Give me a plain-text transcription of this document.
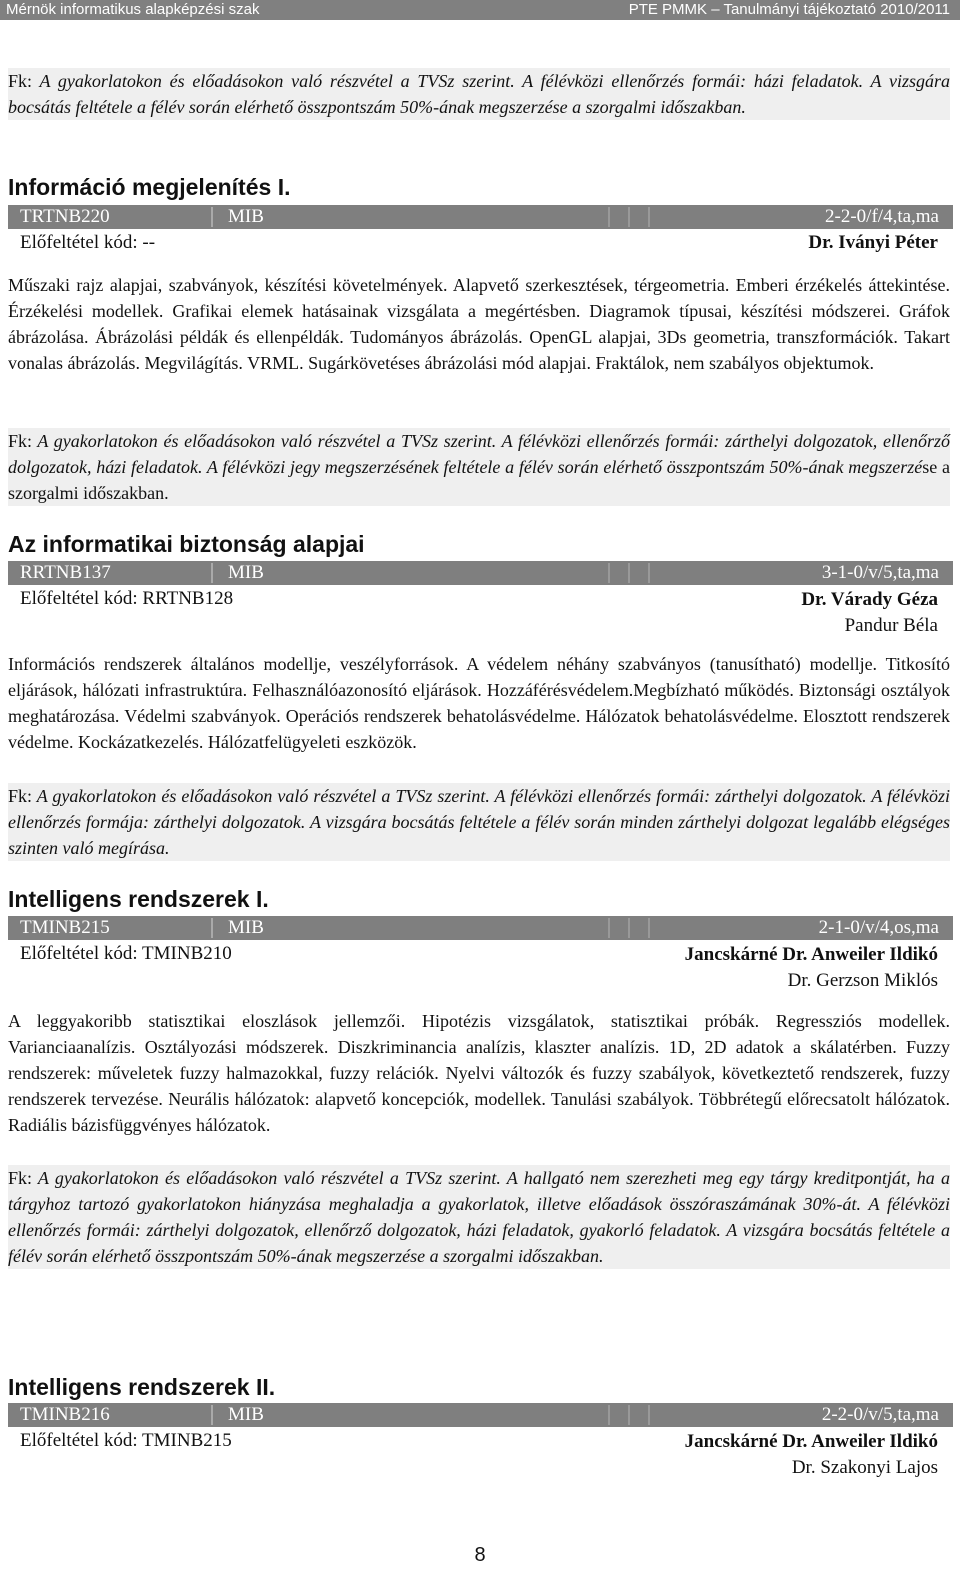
Mérnök informatikus alapképzési szak	PTE PMMK – Tanulmányi tájékoztató 2010/2011

Fk: A gyakorlatokon és előadásokon való részvétel a TVSz szerint. A félévközi ellenőrzés formái: házi feladatok. A vizsgára bocsátás feltétele a félév során elérhető összpontszám 50%-ának megszerzése a szorgalmi időszakban.

Információ megjelenítés I.
TRTNB220	MIB	2-2-0/f/4,ta,ma
Előfeltétel kód: --	Dr. Iványi Péter

Műszaki rajz alapjai, szabványok, készítési követelmények. Alapvető szerkesztések, térgeometria. Emberi érzékelés áttekintése. Érzékelési modellek. Grafikai elemek hatásainak vizsgálata a megértésben. Diagramok típusai, készítési módszerei. Gráfok ábrázolása. Ábrázolási példák és ellenpéldák. Tudományos ábrázolás. OpenGL alapjai, 3Ds geometria, transzformációk. Takart vonalas ábrázolás. Megvilágítás. VRML. Sugárkövetéses ábrázolási mód alapjai. Fraktálok, nem szabályos objektumok.

Fk: A gyakorlatokon és előadásokon való részvétel a TVSz szerint. A félévközi ellenőrzés formái: zárthelyi dolgozatok, ellenőrző dolgozatok, házi feladatok. A félévközi jegy megszerzésének feltétele a félév során elérhető összpontszám 50%-ának megszerzése a szorgalmi időszakban.

Az informatikai biztonság alapjai
RRTNB137	MIB	3-1-0/v/5,ta,ma
Előfeltétel kód: RRTNB128	Dr. Várady Géza
Pandur Béla

Információs rendszerek általános modellje, veszélyforrások. A védelem néhány szabványos (tanusítható) modellje. Titkosító eljárások, hálózati infrastruktúra. Felhasználóazonosító eljárások. Hozzáférésvédelem.Megbízható működés. Biztonsági osztályok meghatározása. Védelmi szabványok. Operációs rendszerek behatolásvédelme. Hálózatok behatolásvédelme. Elosztott rendszerek védelme. Kockázatkezelés. Hálózatfelügyeleti eszközök.

Fk: A gyakorlatokon és előadásokon való részvétel a TVSz szerint. A félévközi ellenőrzés formái: zárthelyi dolgozatok. A félévközi ellenőrzés formája: zárthelyi dolgozatok. A vizsgára bocsátás feltétele a félév során minden zárthelyi dolgozat legalább elégséges szinten való megírása.

Intelligens rendszerek I.
TMINB215	MIB	2-1-0/v/4,os,ma
Előfeltétel kód: TMINB210	Jancskárné Dr. Anweiler Ildikó
Dr. Gerzson Miklós

A leggyakoribb statisztikai eloszlások jellemzői. Hipotézis vizsgálatok, statisztikai próbák. Regressziós modellek. Varianciaanalízis. Osztályozási módszerek. Diszkriminancia analízis, klaszter analízis. 1D, 2D adatok a skálatérben. Fuzzy rendszerek: műveletek fuzzy halmazokkal, fuzzy relációk. Nyelvi változók és fuzzy szabályok, következtető rendszerek, fuzzy rendszerek tervezése. Neurális hálózatok: alapvető koncepciók, modellek. Tanulási szabályok. Többrétegű előrecsatolt hálózatok. Radiális bázisfüggvényes hálózatok.

Fk: A gyakorlatokon és előadásokon való részvétel a TVSz szerint. A hallgató nem szerezheti meg egy tárgy kreditpontját, ha a tárgyhoz tartozó gyakorlatokon hiányzása meghaladja a gyakorlatok, illetve előadások összóraszámának 30%-át. A félévközi ellenőrzés formái: zárthelyi dolgozatok, ellenőrző dolgozatok, házi feladatok, gyakorló feladatok. A vizsgára bocsátás feltétele a félév során elérhető összpontszám 50%-ának megszerzése a szorgalmi időszakban.

Intelligens rendszerek II.
TMINB216	MIB	2-2-0/v/5,ta,ma
Előfeltétel kód: TMINB215	Jancskárné Dr. Anweiler Ildikó
Dr. Szakonyi Lajos
8
